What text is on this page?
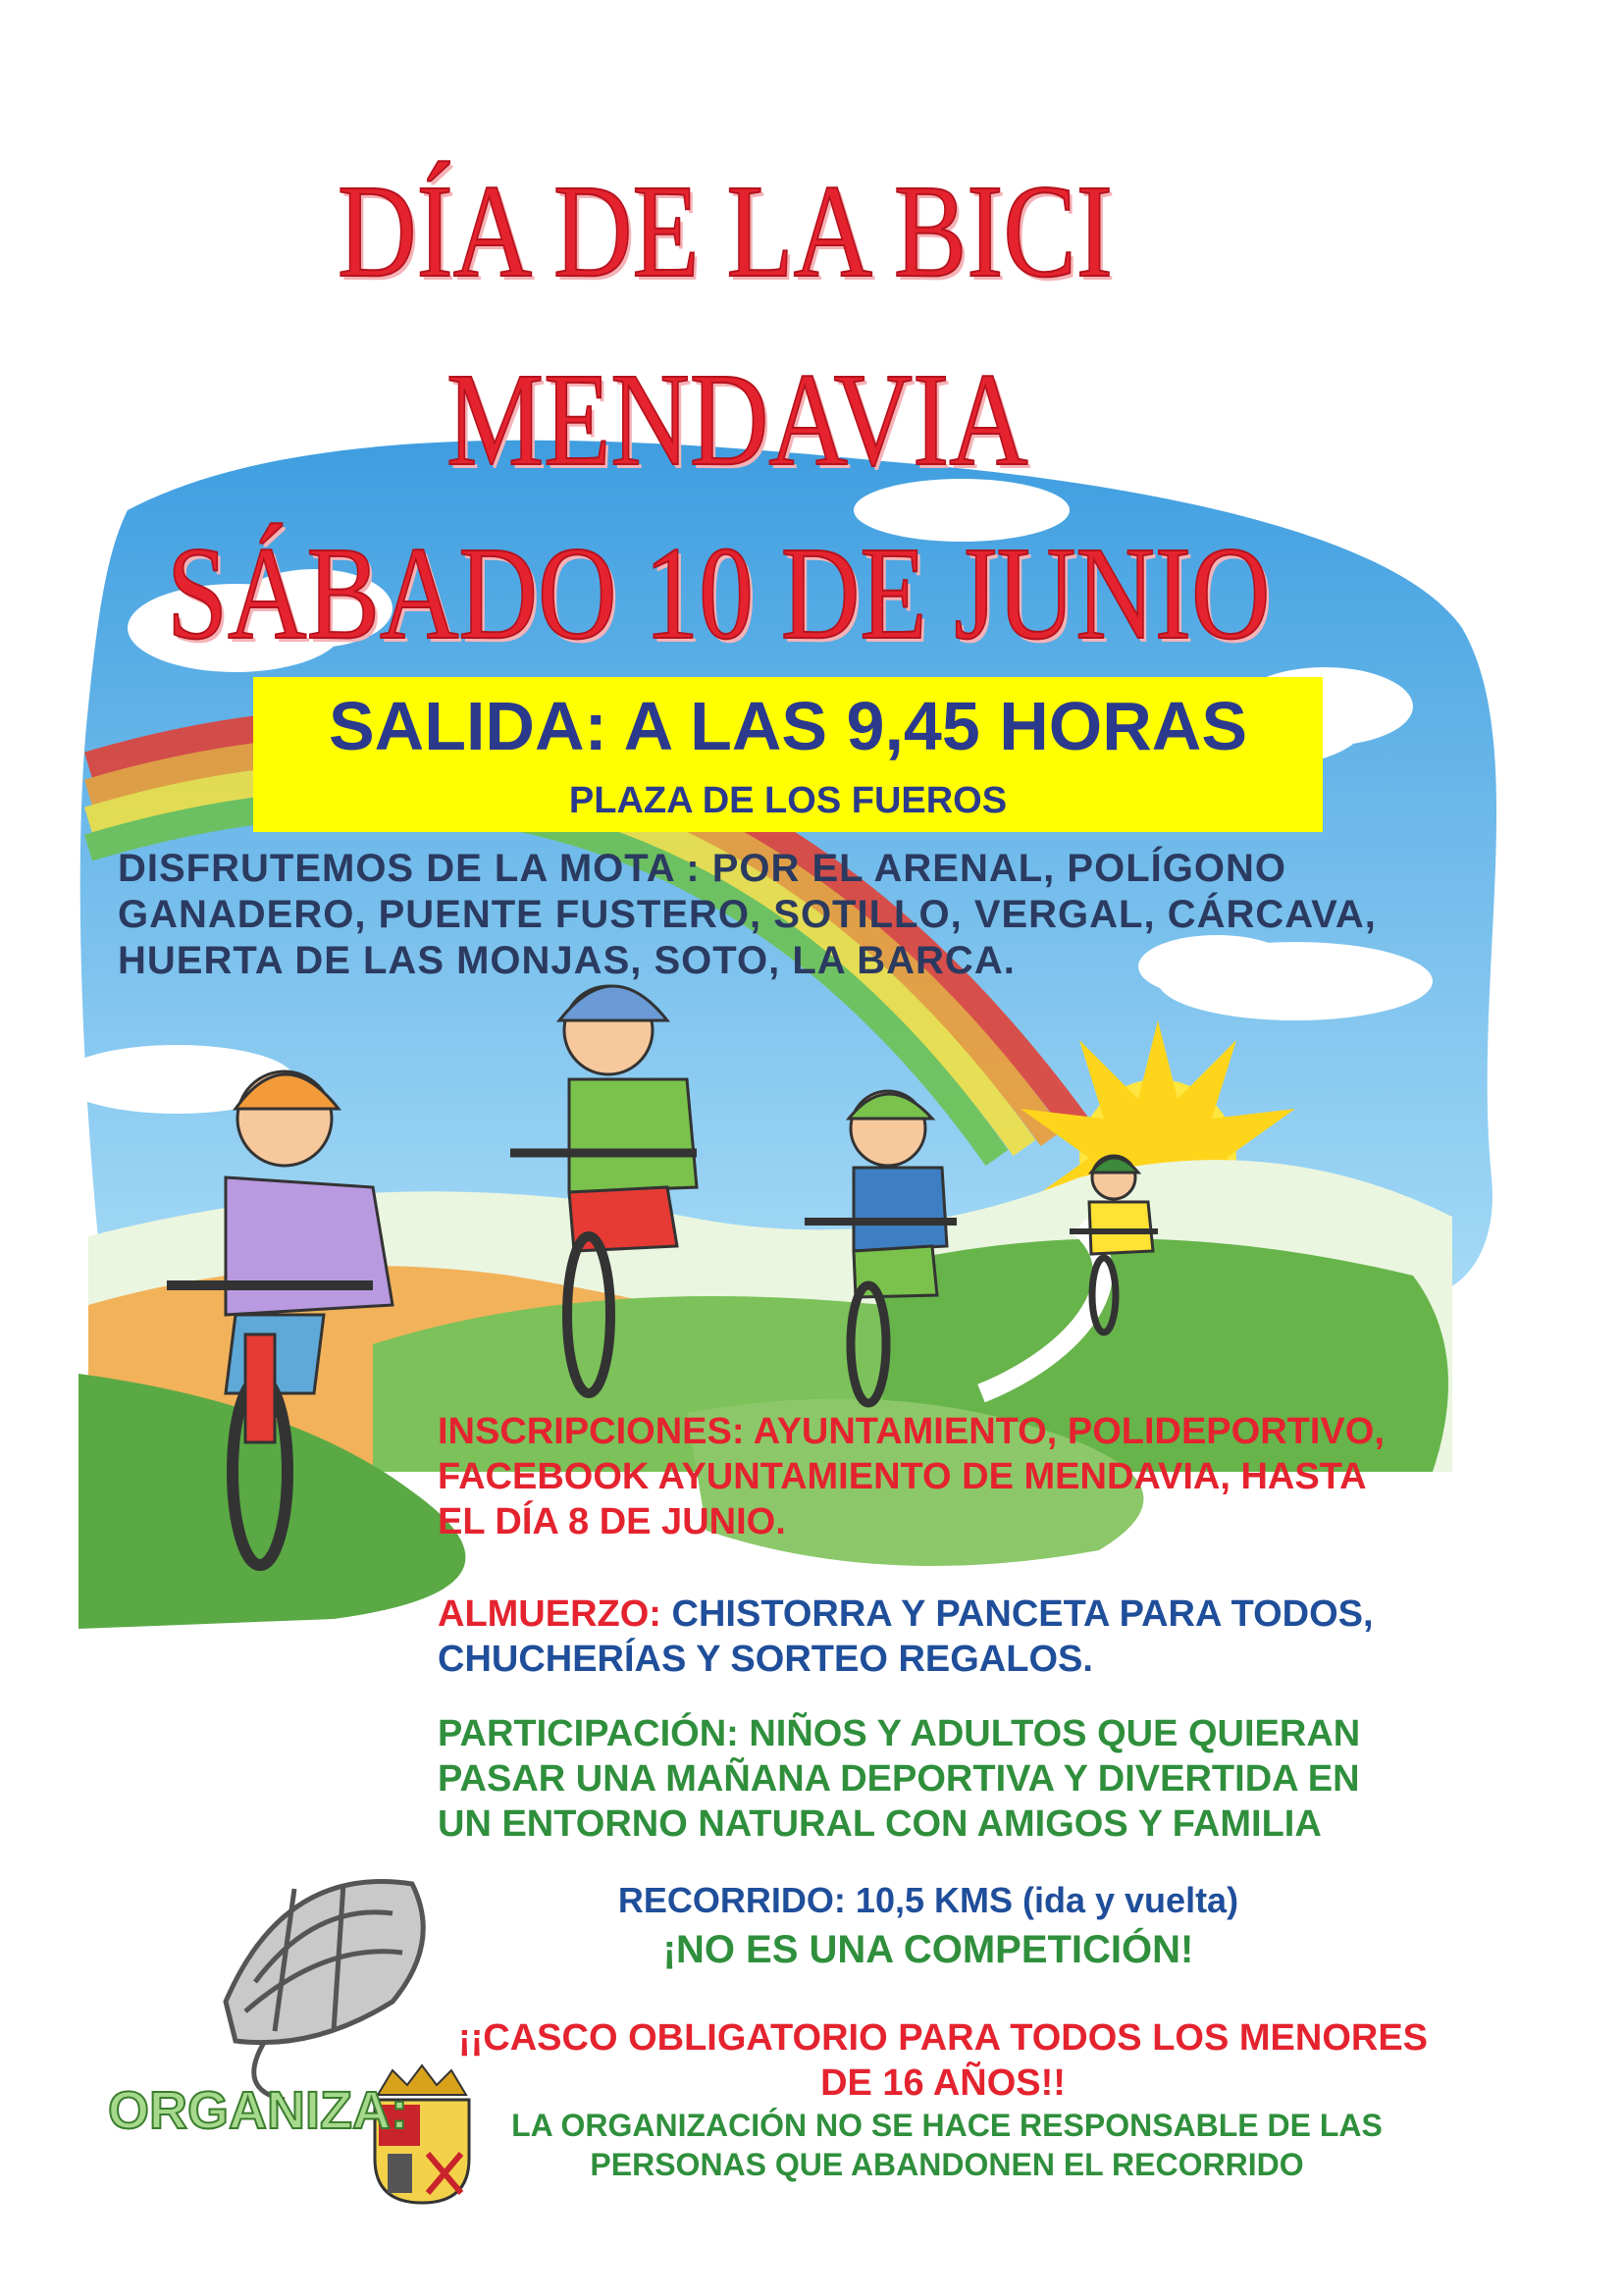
DÍA DE LA BICI
MENDAVIA
SÁBADO 10 DE JUNIO
SALIDA: A LAS 9,45 HORAS
PLAZA DE LOS FUEROS
DISFRUTEMOS DE LA MOTA : POR EL ARENAL, POLÍGONO
GANADERO, PUENTE FUSTERO, SOTILLO, VERGAL, CÁRCAVA,
HUERTA DE LAS MONJAS, SOTO, LA BARCA.
INSCRIPCIONES: AYUNTAMIENTO, POLIDEPORTIVO,
FACEBOOK AYUNTAMIENTO DE MENDAVIA, HASTA
EL DÍA 8 DE JUNIO.
ALMUERZO: CHISTORRA Y PANCETA PARA TODOS,
CHUCHERÍAS Y SORTEO REGALOS.
PARTICIPACIÓN: NIÑOS Y ADULTOS QUE QUIERAN
PASAR UNA MAÑANA DEPORTIVA Y DIVERTIDA EN
UN ENTORNO NATURAL CON AMIGOS Y FAMILIA
RECORRIDO: 10,5 KMS (ida y vuelta)
¡NO ES UNA COMPETICIÓN!
¡¡CASCO OBLIGATORIO PARA TODOS LOS MENORES
DE 16 AÑOS!!
LA ORGANIZACIÓN NO SE HACE RESPONSABLE DE LAS
PERSONAS QUE ABANDONEN EL RECORRIDO
ORGANIZA:
